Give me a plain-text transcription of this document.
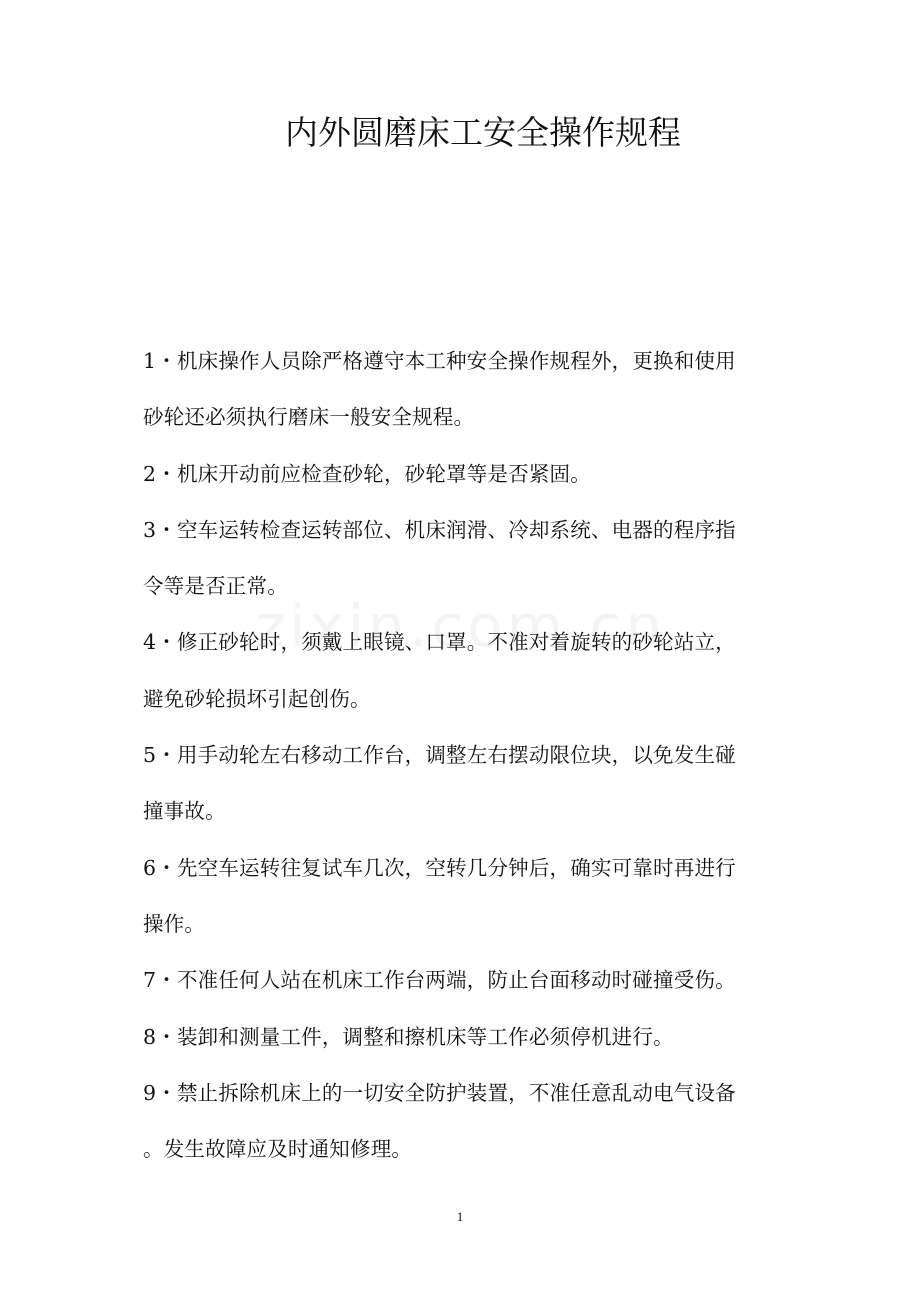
内外圆磨床工安全操作规程
1・机床操作人员除严格遵守本工种安全操作规程外，更换和使用
砂轮还必须执行磨床一般安全规程。
2・机床开动前应检查砂轮，砂轮罩等是否紧固。
3・空车运转检查运转部位、机床润滑、冷却系统、电器的程序指
令等是否正常。
4・修正砂轮时，须戴上眼镜、口罩。不准对着旋转的砂轮站立，
避免砂轮损坏引起创伤。
5・用手动轮左右移动工作台，调整左右摆动限位块，以免发生碰
撞事故。
6・先空车运转往复试车几次，空转几分钟后，确实可靠时再进行
操作。
7・不准任何人站在机床工作台两端，防止台面移动时碰撞受伤。
8・装卸和测量工件，调整和擦机床等工作必须停机进行。
9・禁止拆除机床上的一切安全防护装置，不准任意乱动电气设备
。发生故障应及时通知修理。
1
